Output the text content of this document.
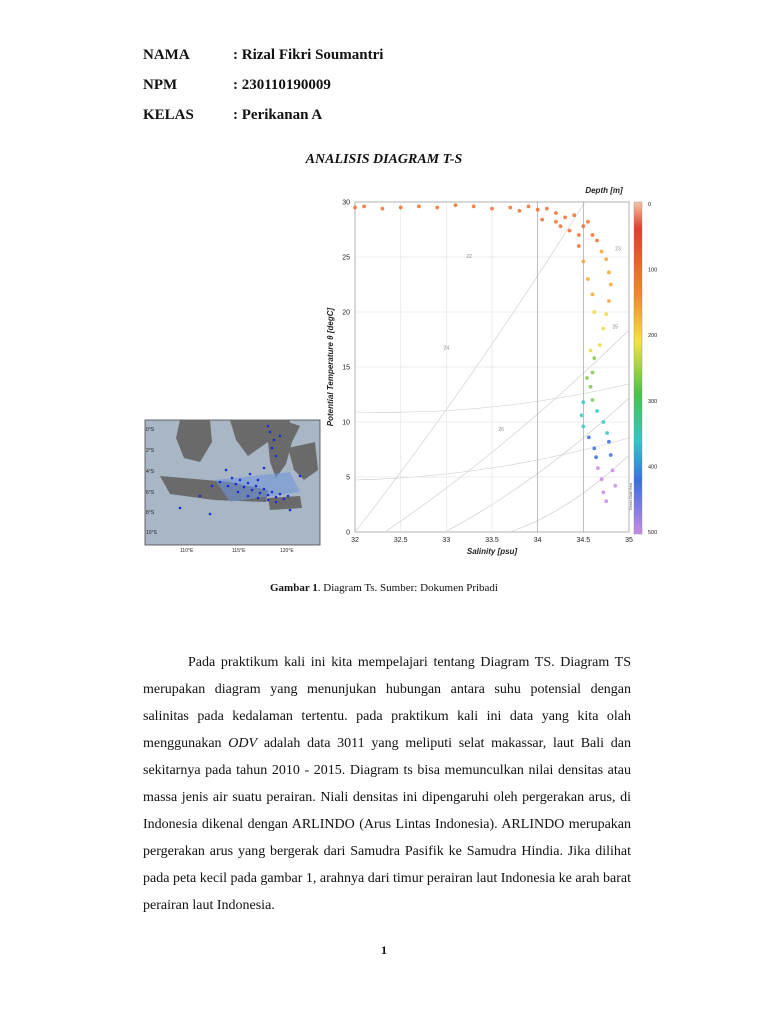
NAMA	: Rizal Fikri Soumantri
NPM	: 230110190009
KELAS	: Perikanan A
ANALISIS DIAGRAM T-S
0°S
2°S
4°S
6°S
8°S
10°S
110°E	115°E	120°E
22
23
24
25
26
32	32.5	33	33.5	34	34.5	35
0
5
10
15
20
25
30
Salinity [psu]
Potential Temperature θ [degC]
Depth [m]
0
100
200
300
400
500
Ocean Data View
Gambar 1. Diagram Ts. Sumber: Dokumen Pribadi

Pada praktikum kali ini kita mempelajari tentang Diagram TS. Diagram TS merupakan diagram yang menunjukan hubungan antara suhu potensial dengan salinitas pada kedalaman tertentu. pada praktikum kali ini data yang kita olah menggunakan ODV adalah data 3011 yang meliputi selat makassar, laut Bali dan sekitarnya pada tahun 2010 - 2015. Diagram ts bisa memunculkan nilai densitas atau massa jenis air suatu perairan. Niali densitas ini dipengaruhi oleh pergerakan arus, di Indonesia dikenal dengan ARLINDO (Arus Lintas Indonesia). ARLINDO merupakan pergerakan arus yang bergerak dari Samudra Pasifik ke Samudra Hindia. Jika dilihat pada peta kecil pada gambar 1, arahnya dari timur perairan laut Indonesia ke arah barat perairan laut Indonesia.

1
